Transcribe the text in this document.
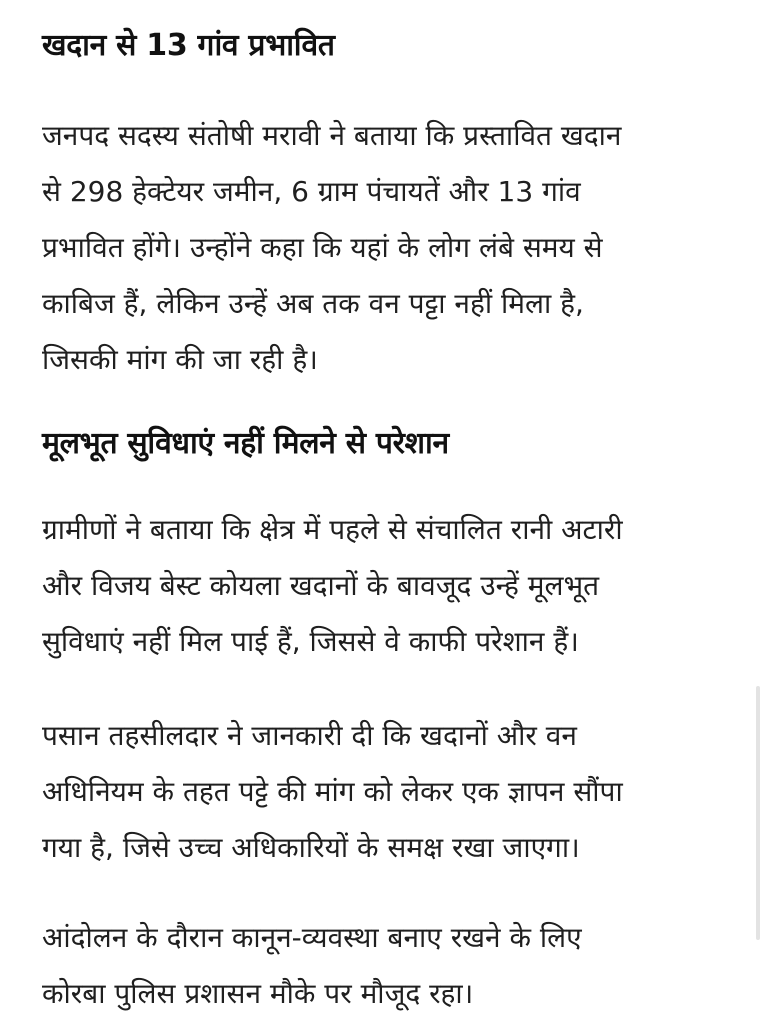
खदान से 13 गांव प्रभावित

जनपद सदस्य संतोषी मरावी ने बताया कि प्रस्तावित खदान
से 298 हेक्टेयर जमीन, 6 ग्राम पंचायतें और 13 गांव
प्रभावित होंगे। उन्होंने कहा कि यहां के लोग लंबे समय से
काबिज हैं, लेकिन उन्हें अब तक वन पट्टा नहीं मिला है,
जिसकी मांग की जा रही है।

मूलभूत सुविधाएं नहीं मिलने से परेशान

ग्रामीणों ने बताया कि क्षेत्र में पहले से संचालित रानी अटारी
और विजय बेस्ट कोयला खदानों के बावजूद उन्हें मूलभूत
सुविधाएं नहीं मिल पाई हैं, जिससे वे काफी परेशान हैं।

पसान तहसीलदार ने जानकारी दी कि खदानों और वन
अधिनियम के तहत पट्टे की मांग को लेकर एक ज्ञापन सौंपा
गया है, जिसे उच्च अधिकारियों के समक्ष रखा जाएगा।

आंदोलन के दौरान कानून-व्यवस्था बनाए रखने के लिए
कोरबा पुलिस प्रशासन मौके पर मौजूद रहा।
